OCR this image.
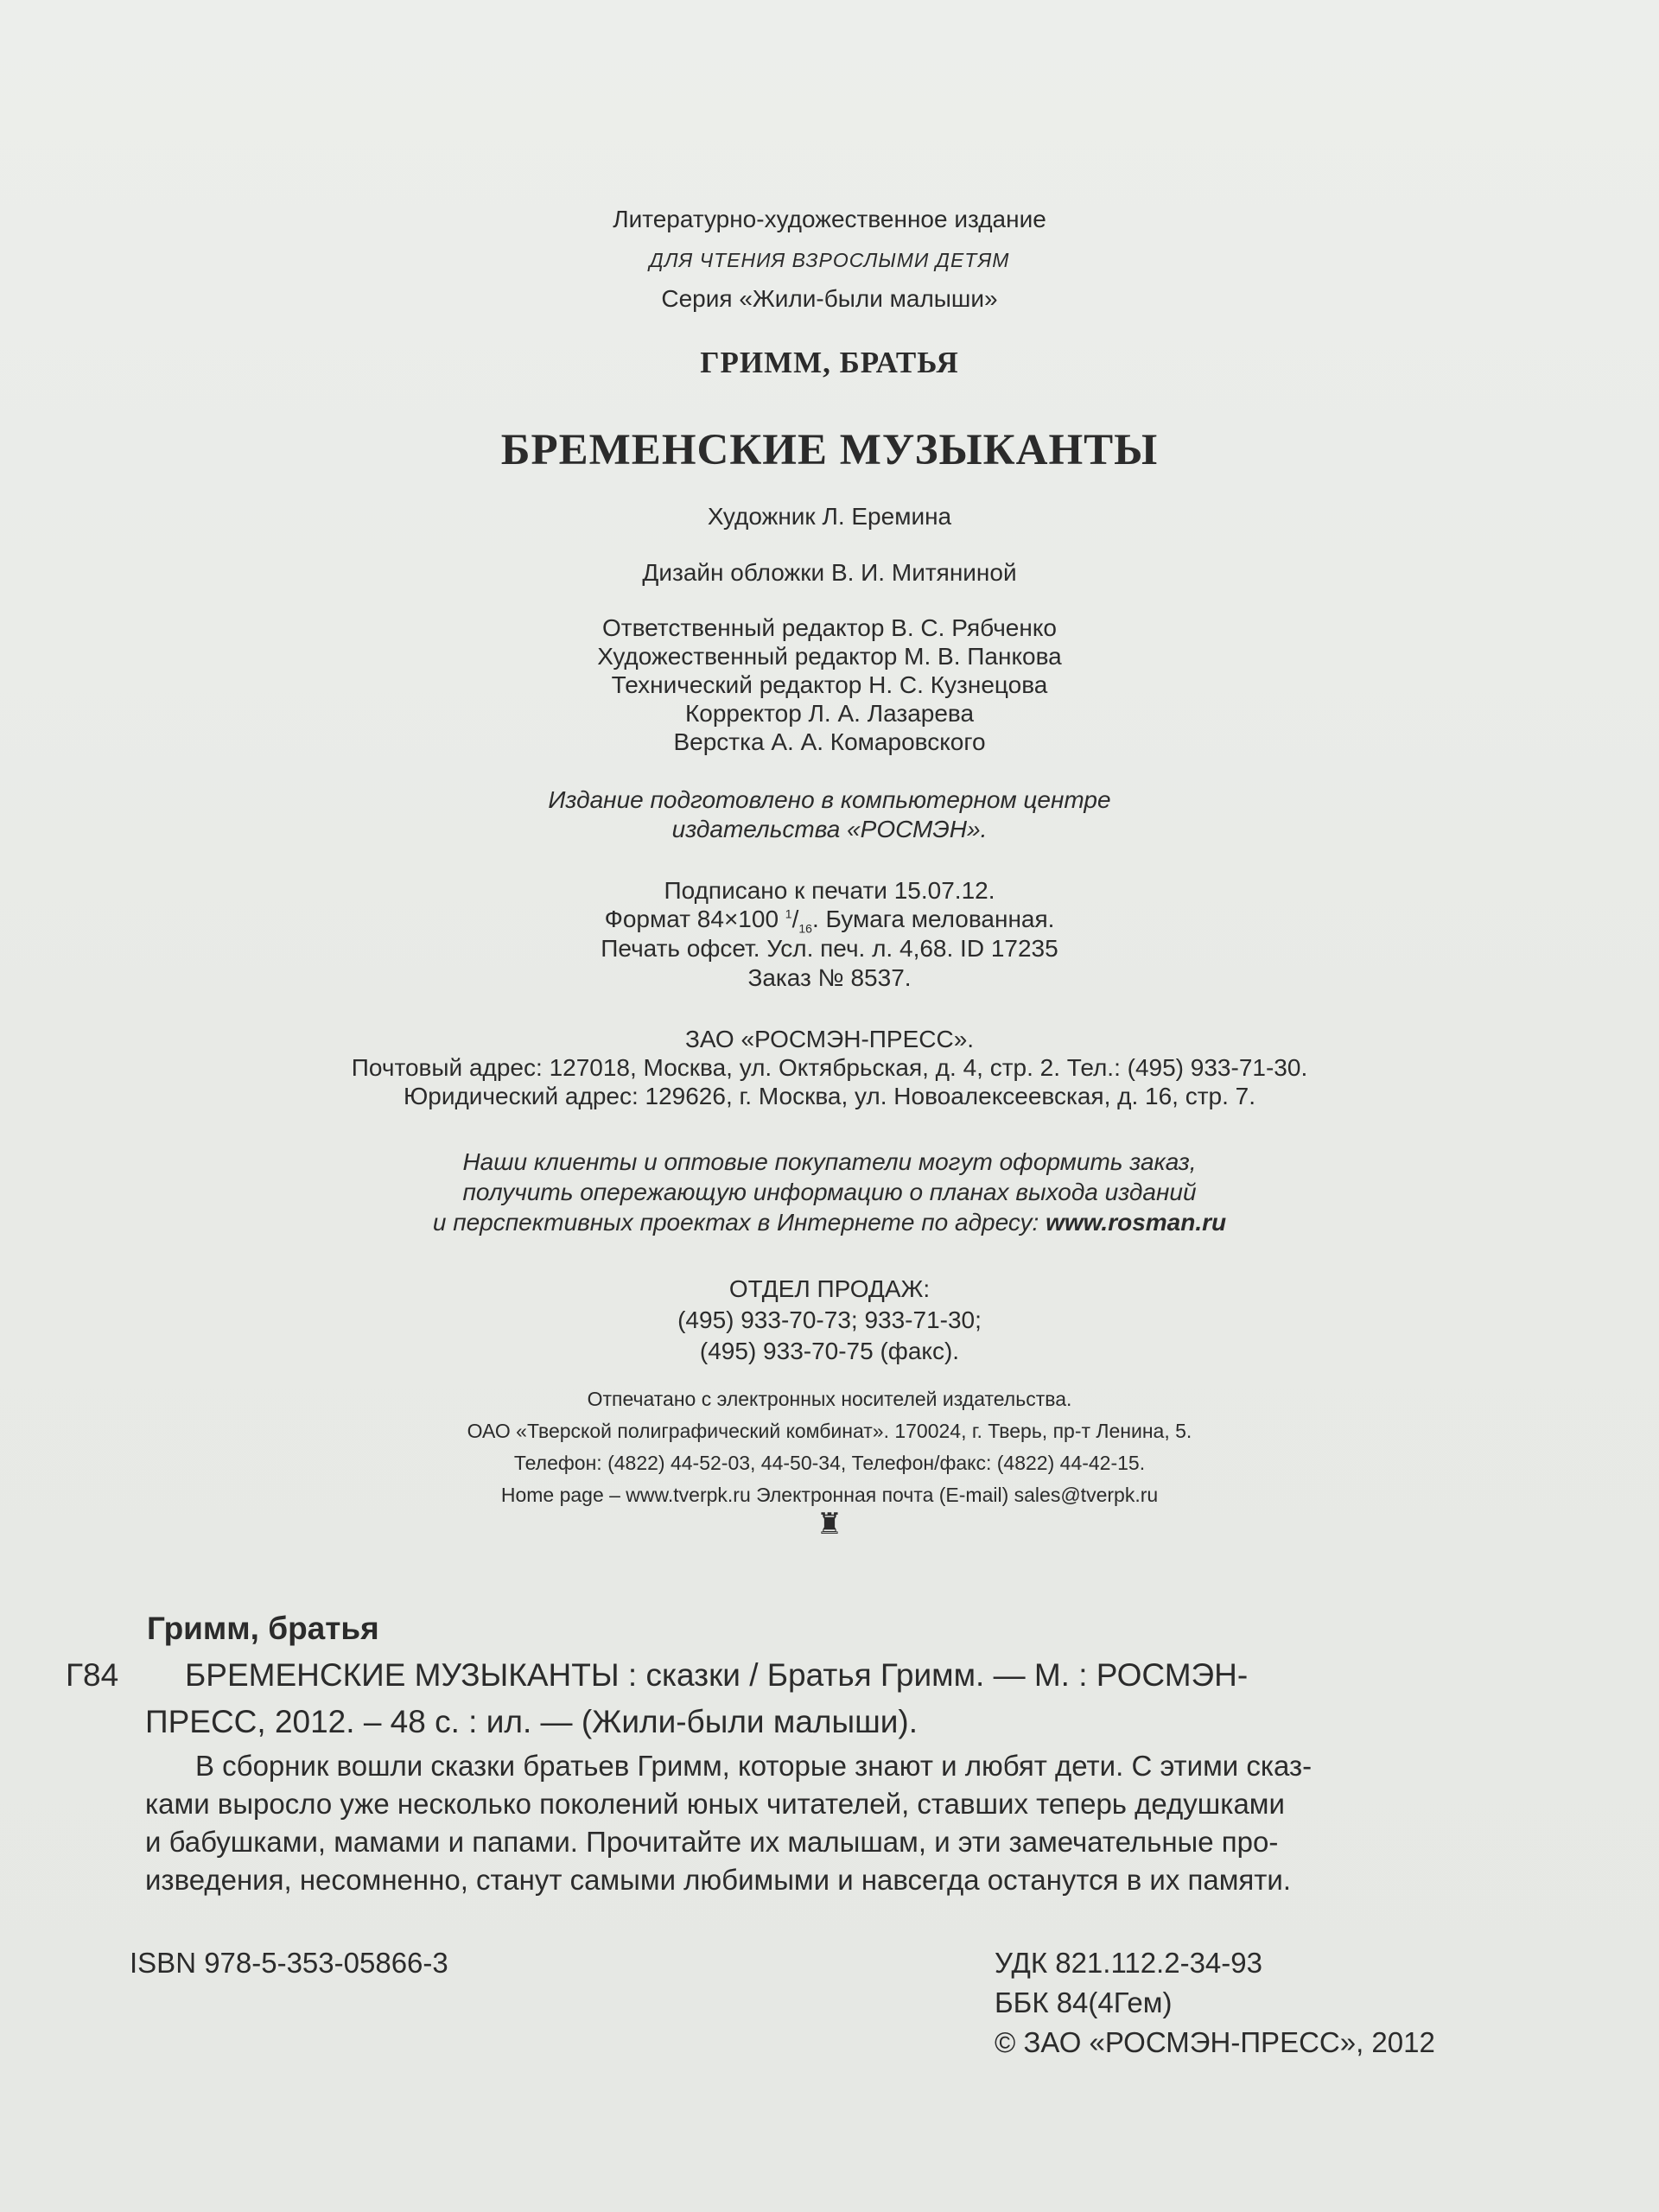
Литературно-художественное издание
ДЛЯ ЧТЕНИЯ ВЗРОСЛЫМИ ДЕТЯМ
Серия «Жили-были малыши»
ГРИММ, БРАТЬЯ
БРЕМЕНСКИЕ МУЗЫКАНТЫ
Художник Л. Еремина
Дизайн обложки В. И. Митяниной
Ответственный редактор В. С. Рябченко
Художественный редактор М. В. Панкова
Технический редактор Н. С. Кузнецова
Корректор Л. А. Лазарева
Верстка А. А. Комаровского
Издание подготовлено в компьютерном центре
издательства «РОСМЭН».
Подписано к печати 15.07.12.
Формат 84×100 $^1/_{16}$. Бумага мелованная.
Печать офсет. Усл. печ. л. 4,68. ID 17235
Заказ № 8537.
ЗАО «РОСМЭН-ПРЕСС».
Почтовый адрес: 127018, Москва, ул. Октябрьская, д. 4, стр. 2. Тел.: (495) 933-71-30.
Юридический адрес: 129626, г. Москва, ул. Новоалексеевская, д. 16, стр. 7.
Наши клиенты и оптовые покупатели могут оформить заказ,
получить опережающую информацию о планах выхода изданий
и перспективных проектах в Интернете по адресу: www.rosman.ru
ОТДЕЛ ПРОДАЖ:
(495) 933-70-73; 933-71-30;
(495) 933-70-75 (факс).
Отпечатано с электронных носителей издательства.
ОАО «Тверской полиграфический комбинат». 170024, г. Тверь, пр-т Ленина, 5.
Телефон: (4822) 44-52-03, 44-50-34, Телефон/факс: (4822) 44-42-15.
Home page – www.tverpk.ru Электронная почта (E-mail) sales@tverpk.ru
♜
Гримм, братья
Г84 БРЕМЕНСКИЕ МУЗЫКАНТЫ : сказки / Братья Гримм. — М. : РОСМЭН-
ПРЕСС, 2012. – 48 с. : ил. — (Жили-были малыши).
В сборник вошли сказки братьев Гримм, которые знают и любят дети. С этими сказ-
ками выросло уже несколько поколений юных читателей, ставших теперь дедушками
и бабушками, мамами и папами. Прочитайте их малышам, и эти замечательные про-
изведения, несомненно, станут самыми любимыми и навсегда останутся в их памяти.
ISBN 978-5-353-05866-3	УДК 821.112.2-34-93
ББК 84(4Гем)
© ЗАО «РОСМЭН-ПРЕСС», 2012
